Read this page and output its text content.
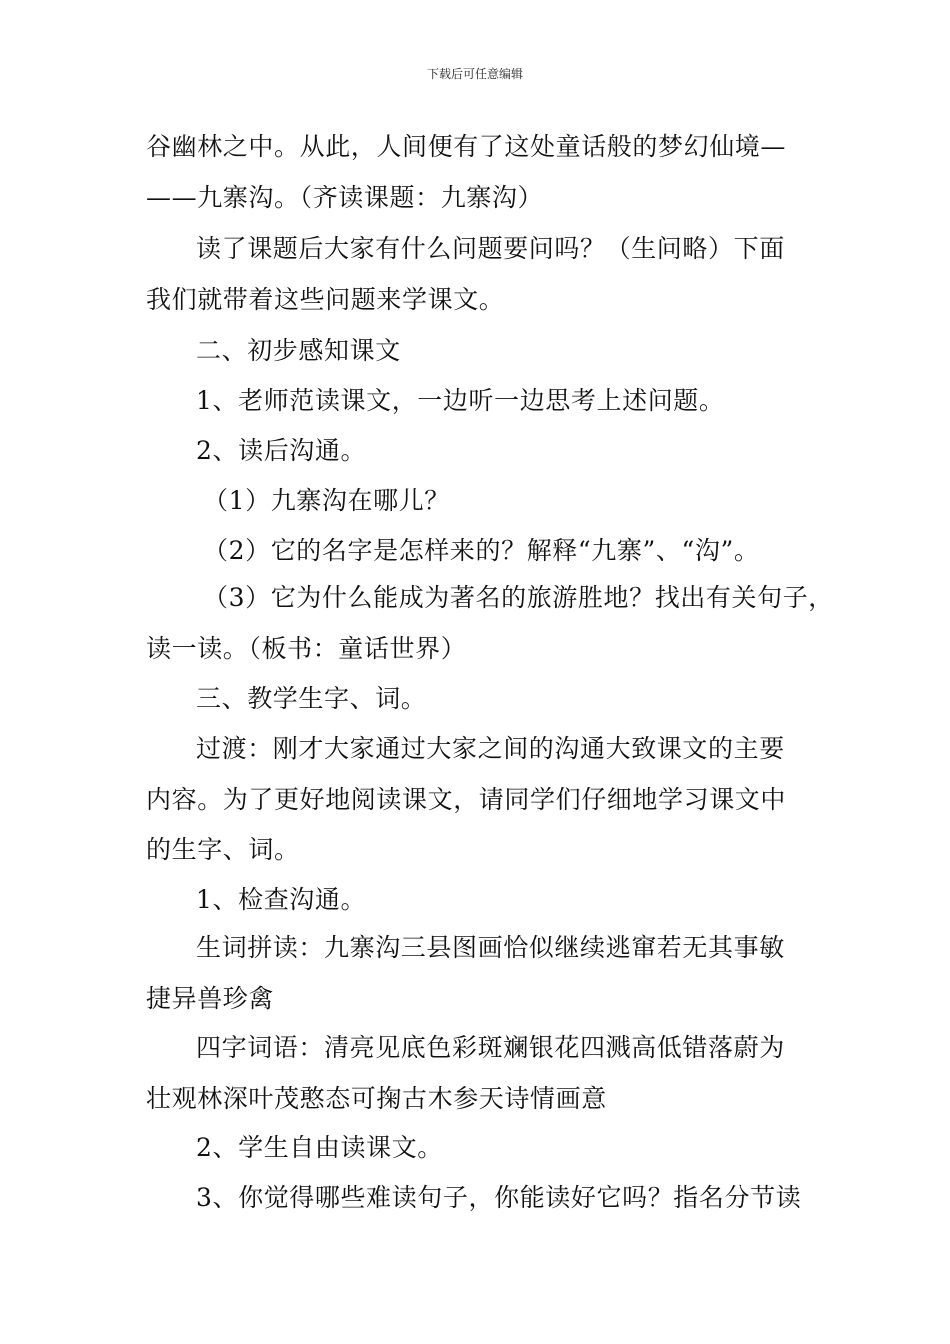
下载后可任意编辑
谷幽林之中。从此，人间便有了这处童话般的梦幻仙境—
——九寨沟。（齐读课题：九寨沟）
读了课题后大家有什么问题要问吗？（生问略）下面
我们就带着这些问题来学课文。
二、初步感知课文
1、老师范读课文，一边听一边思考上述问题。
2、读后沟通。
（1）九寨沟在哪儿？
（2）它的名字是怎样来的？解释“九寨”、“沟”。
（3）它为什么能成为著名的旅游胜地？找出有关句子，
读一读。（板书：童话世界）
三、教学生字、词。
过渡：刚才大家通过大家之间的沟通大致课文的主要
内容。为了更好地阅读课文，请同学们仔细地学习课文中
的生字、词。
1、检查沟通。
生词拼读：九寨沟三县图画恰似继续逃窜若无其事敏
捷异兽珍禽
四字词语：清亮见底色彩斑斓银花四溅高低错落蔚为
壮观林深叶茂憨态可掬古木参天诗情画意
2、学生自由读课文。
3、你觉得哪些难读句子，你能读好它吗？指名分节读
